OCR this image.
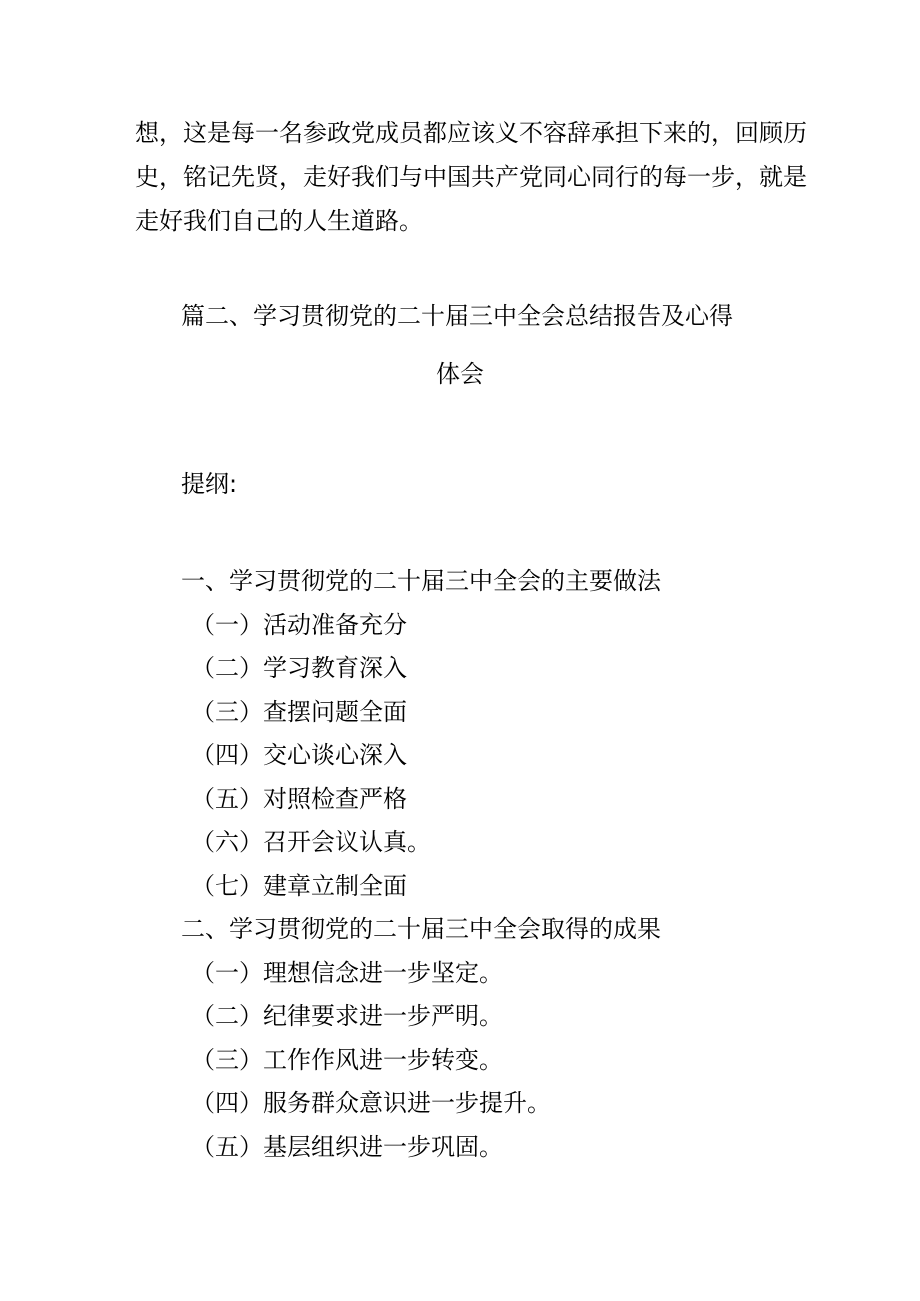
想，这是每一名参政党成员都应该义不容辞承担下来的，回顾历
史，铭记先贤，走好我们与中国共产党同心同行的每一步，就是
走好我们自己的人生道路。
篇二、学习贯彻党的二十届三中全会总结报告及心得
体会
提纲:
一、学习贯彻党的二十届三中全会的主要做法
（一）活动准备充分
（二）学习教育深入
（三）查摆问题全面
（四）交心谈心深入
（五）对照检查严格
（六）召开会议认真。
（七）建章立制全面
二、学习贯彻党的二十届三中全会取得的成果
（一）理想信念进一步坚定。
（二）纪律要求进一步严明。
（三）工作作风进一步转变。
（四）服务群众意识进一步提升。
（五）基层组织进一步巩固。
